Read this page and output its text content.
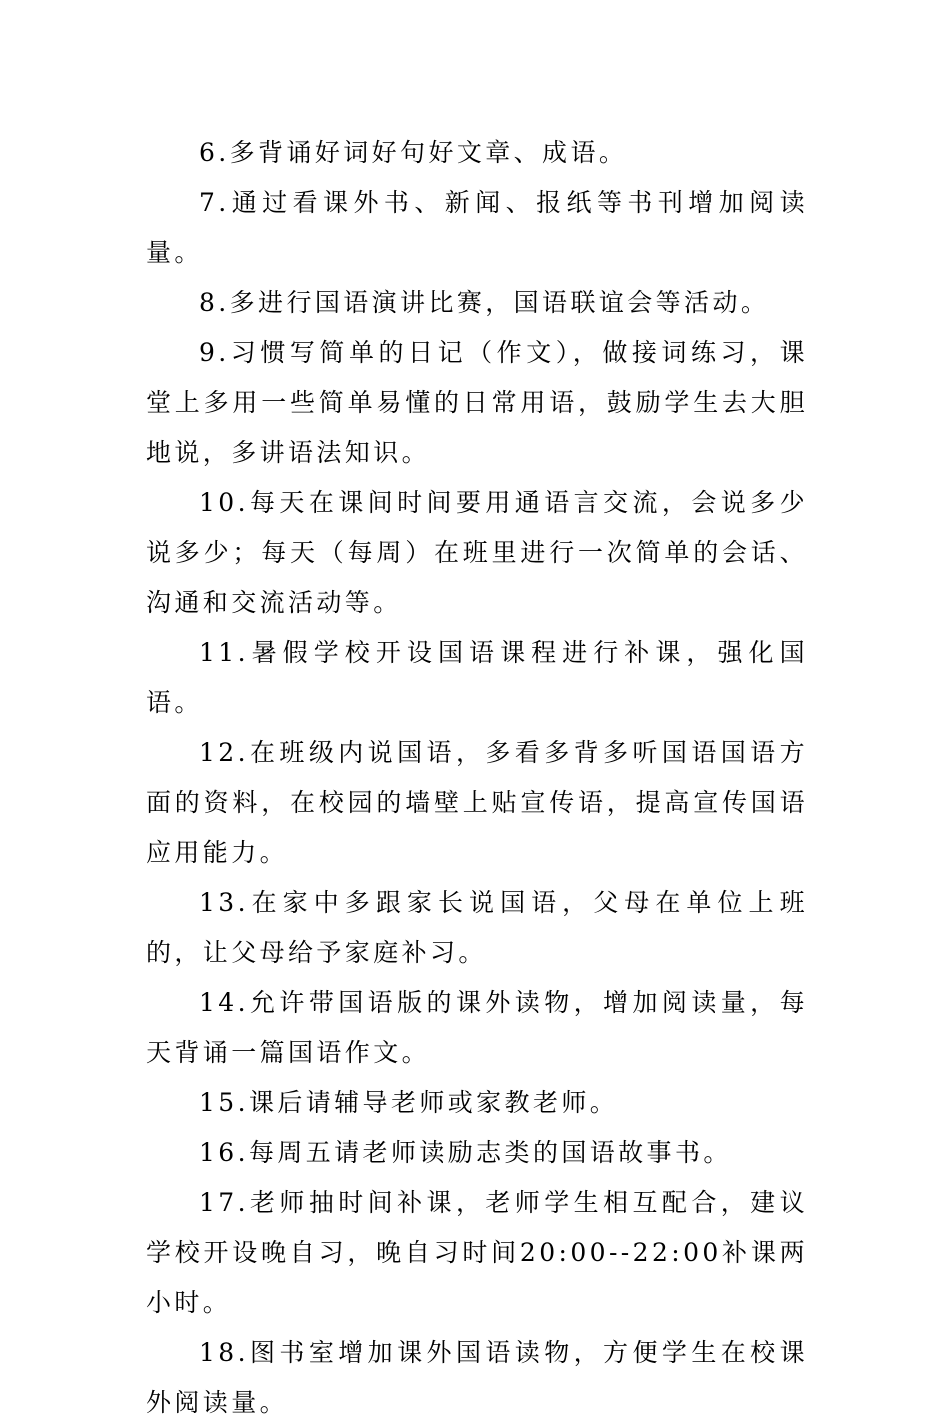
6.多背诵好词好句好文章、成语。

7.通过看课外书、新闻、报纸等书刊增加阅读量。

8.多进行国语演讲比赛，国语联谊会等活动。

9.习惯写简单的日记（作文），做接词练习，课堂上多用一些简单易懂的日常用语，鼓励学生去大胆地说，多讲语法知识。

10.每天在课间时间要用通语言交流，会说多少说多少；每天（每周）在班里进行一次简单的会话、沟通和交流活动等。

11.暑假学校开设国语课程进行补课，强化国语。

12.在班级内说国语，多看多背多听国语国语方面的资料，在校园的墙壁上贴宣传语，提高宣传国语应用能力。

13.在家中多跟家长说国语，父母在单位上班的，让父母给予家庭补习。

14.允许带国语版的课外读物，增加阅读量，每天背诵一篇国语作文。

15.课后请辅导老师或家教老师。

16.每周五请老师读励志类的国语故事书。

17.老师抽时间补课，老师学生相互配合，建议学校开设晚自习，晚自习时间20:00--22:00补课两小时。

18.图书室增加课外国语读物，方便学生在校课外阅读量。
